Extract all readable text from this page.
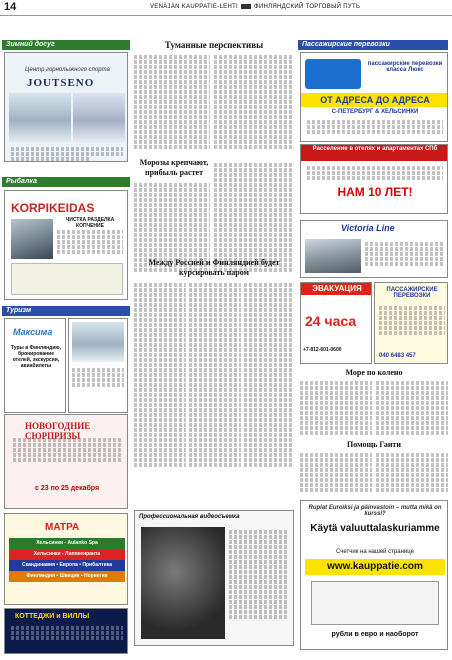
14	VENÄJÄN KAUPPATIE-LEHTI	ФИНЛЯНДСКИЙ ТОРГОВЫЙ ПУТЬ
Зимний досуг
Центр горнолыжного спорта
JOUTSENO
Рыбалка
KORPIKEIDAS
ЧИСТКА РАЗДЕЛКА КОПЧЕНИЕ
Туризм
Максима
Туры в Финляндию, бронирование отелей, экскурсии, авиабилеты
НОВОГОДНИЕ СЮРПРИЗЫ
с 23 по 25 декабря
МАТРА
Хельсинки - Aulanko Spa
Хельсинки - Лаппеенранта
Скандинавия • Европа • Прибалтика
Финляндия • Швеция • Норвегия
КОТТЕДЖИ и ВИЛЛЫ
Туманные перспективы
Морозы крепчают, прибыль растет
Между Россией и Финляндией будет курсировать паром
Профессиональная видеосъемка
Пассажирские перевозки
пассажирские перевозки класса Люкс
ОТ АДРЕСА ДО АДРЕСА
С-ПЕТЕРБУРГ & ХЕЛЬСИНКИ
Расселение в отелях и апартаментах СПб
НАМ 10 ЛЕТ!
Victoria Line
ЭВАКУАЦИЯ
24 часа
+7-812-601-0600
ПАССАЖИРСКИЕ ПЕРЕВОЗКИ
040 6483 457
Море по колено
Помощь Гаити
Ruplat Euroiksi ja päinvastoin – mutta mikä on kurssi?
Käytä valuuttalaskuriamme
Счетчик на нашей странице
www.kauppatie.com
рубли в евро и наоборот
